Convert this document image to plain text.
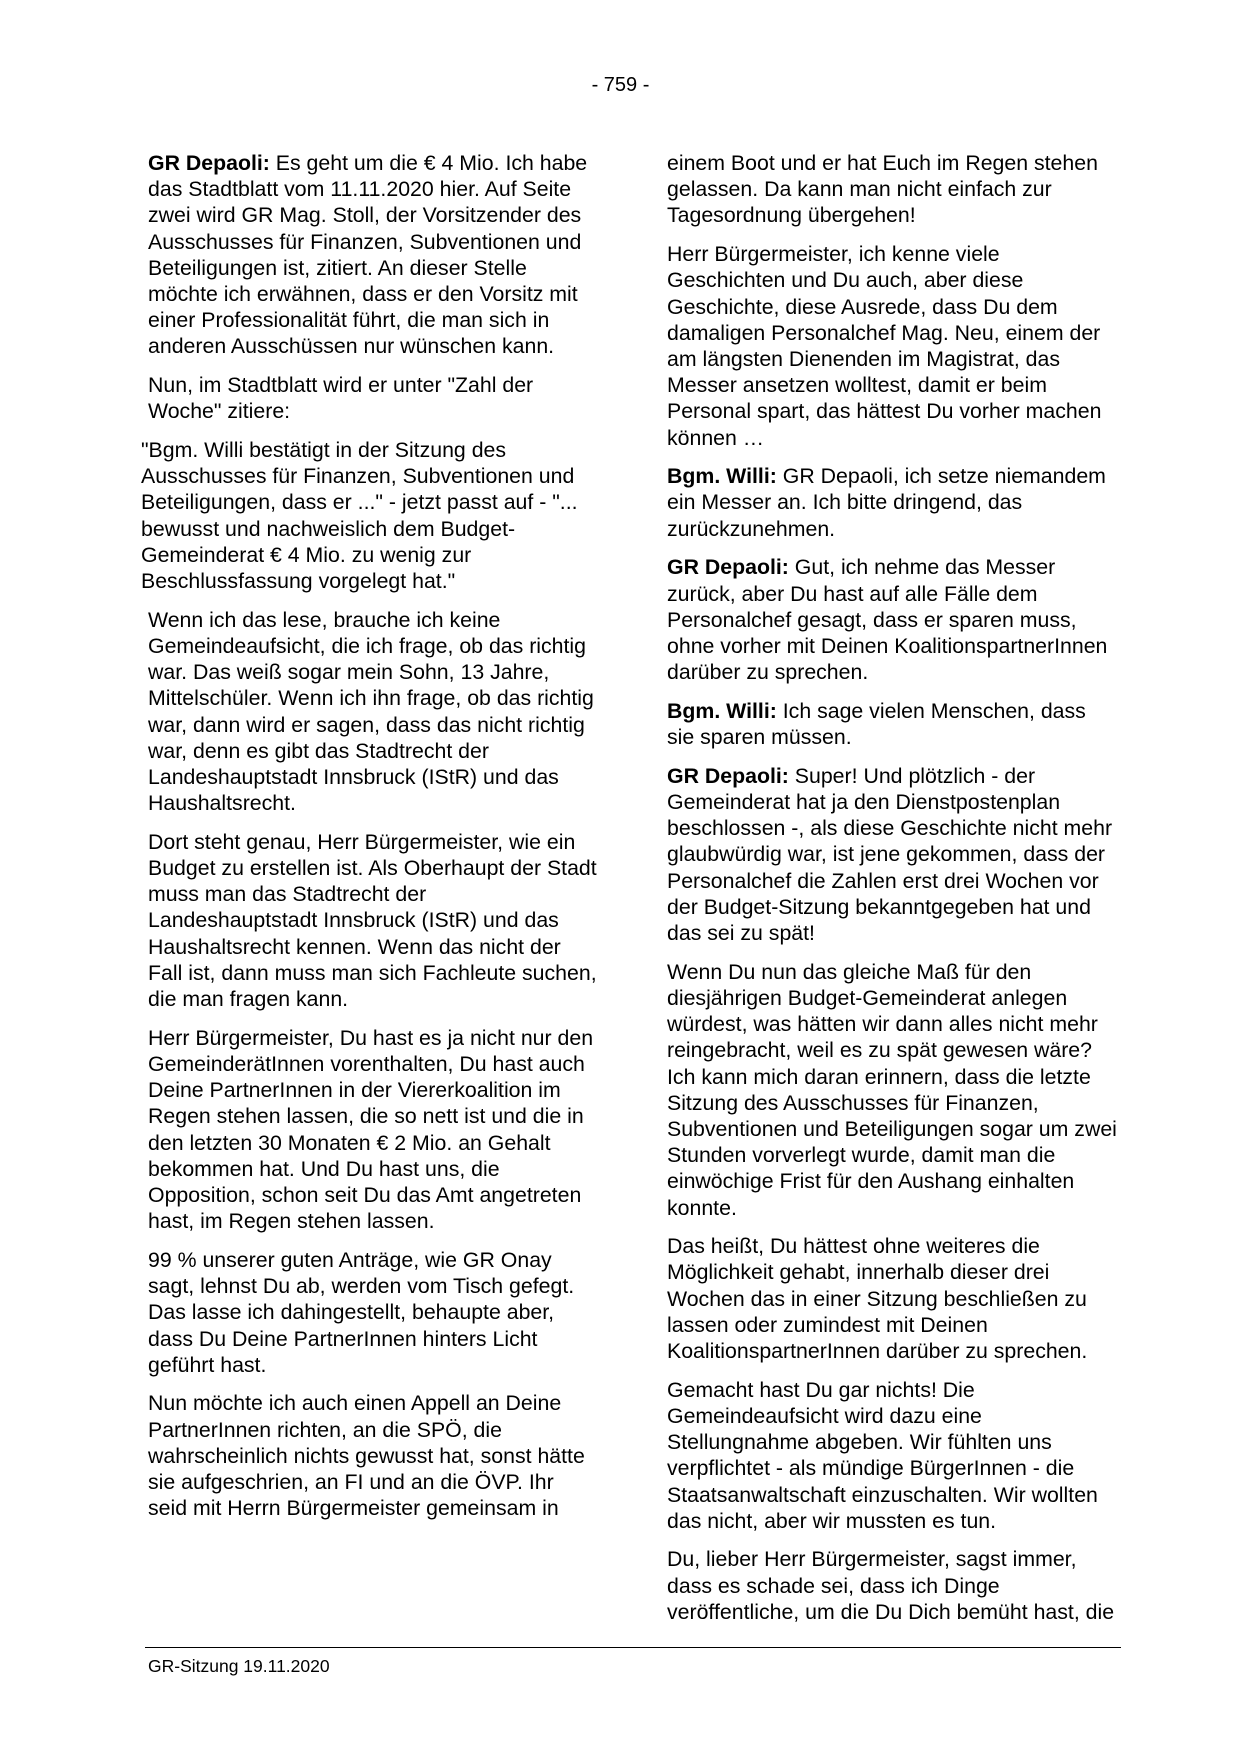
- 759 -

GR Depaoli: Es geht um die € 4 Mio. Ich habe das Stadtblatt vom 11.11.2020 hier. Auf Seite zwei wird GR Mag. Stoll, der Vorsitzender des Ausschusses für Finanzen, Subventionen und Beteiligungen ist, zitiert. An dieser Stelle möchte ich erwähnen, dass er den Vorsitz mit einer Professionalität führt, die man sich in anderen Ausschüssen nur wünschen kann.

Nun, im Stadtblatt wird er unter "Zahl der Woche" zitiere:

"Bgm. Willi bestätigt in der Sitzung des Ausschusses für Finanzen, Subventionen und Beteiligungen, dass er ..." - jetzt passt auf - "... bewusst und nachweislich dem Budget-Gemeinderat € 4 Mio. zu wenig zur Beschlussfassung vorgelegt hat."

Wenn ich das lese, brauche ich keine Gemeindeaufsicht, die ich frage, ob das richtig war. Das weiß sogar mein Sohn, 13 Jahre, Mittelschüler. Wenn ich ihn frage, ob das richtig war, dann wird er sagen, dass das nicht richtig war, denn es gibt das Stadtrecht der Landeshauptstadt Innsbruck (IStR) und das Haushaltsrecht.

Dort steht genau, Herr Bürgermeister, wie ein Budget zu erstellen ist. Als Oberhaupt der Stadt muss man das Stadtrecht der Landeshauptstadt Innsbruck (IStR) und das Haushaltsrecht kennen. Wenn das nicht der Fall ist, dann muss man sich Fachleute suchen, die man fragen kann.

Herr Bürgermeister, Du hast es ja nicht nur den GemeinderätInnen vorenthalten, Du hast auch Deine PartnerInnen in der Viererkoalition im Regen stehen lassen, die so nett ist und die in den letzten 30 Monaten € 2 Mio. an Gehalt bekommen hat. Und Du hast uns, die Opposition, schon seit Du das Amt angetreten hast, im Regen stehen lassen.

99 % unserer guten Anträge, wie GR Onay sagt, lehnst Du ab, werden vom Tisch gefegt. Das lasse ich dahingestellt, behaupte aber, dass Du Deine PartnerInnen hinters Licht geführt hast.

Nun möchte ich auch einen Appell an Deine PartnerInnen richten, an die SPÖ, die wahrscheinlich nichts gewusst hat, sonst hätte sie aufgeschrien, an FI und an die ÖVP. Ihr seid mit Herrn Bürgermeister gemeinsam in

einem Boot und er hat Euch im Regen stehen gelassen. Da kann man nicht einfach zur Tagesordnung übergehen!

Herr Bürgermeister, ich kenne viele Geschichten und Du auch, aber diese Geschichte, diese Ausrede, dass Du dem damaligen Personalchef Mag. Neu, einem der am längsten Dienenden im Magistrat, das Messer ansetzen wolltest, damit er beim Personal spart, das hättest Du vorher machen können …

Bgm. Willi: GR Depaoli, ich setze niemandem ein Messer an. Ich bitte dringend, das zurückzunehmen.

GR Depaoli: Gut, ich nehme das Messer zurück, aber Du hast auf alle Fälle dem Personalchef gesagt, dass er sparen muss, ohne vorher mit Deinen KoalitionspartnerInnen darüber zu sprechen.

Bgm. Willi: Ich sage vielen Menschen, dass sie sparen müssen.

GR Depaoli: Super! Und plötzlich - der Gemeinderat hat ja den Dienstpostenplan beschlossen -, als diese Geschichte nicht mehr glaubwürdig war, ist jene gekommen, dass der Personalchef die Zahlen erst drei Wochen vor der Budget-Sitzung bekanntgegeben hat und das sei zu spät!

Wenn Du nun das gleiche Maß für den diesjährigen Budget-Gemeinderat anlegen würdest, was hätten wir dann alles nicht mehr reingebracht, weil es zu spät gewesen wäre? Ich kann mich daran erinnern, dass die letzte Sitzung des Ausschusses für Finanzen, Subventionen und Beteiligungen sogar um zwei Stunden vorverlegt wurde, damit man die einwöchige Frist für den Aushang einhalten konnte.

Das heißt, Du hättest ohne weiteres die Möglichkeit gehabt, innerhalb dieser drei Wochen das in einer Sitzung beschließen zu lassen oder zumindest mit Deinen KoalitionspartnerInnen darüber zu sprechen.

Gemacht hast Du gar nichts! Die Gemeindeaufsicht wird dazu eine Stellungnahme abgeben. Wir fühlten uns verpflichtet - als mündige BürgerInnen - die Staatsanwaltschaft einzuschalten. Wir wollten das nicht, aber wir mussten es tun.

Du, lieber Herr Bürgermeister, sagst immer, dass es schade sei, dass ich Dinge veröffentliche, um die Du Dich bemüht hast, die

GR-Sitzung 19.11.2020
